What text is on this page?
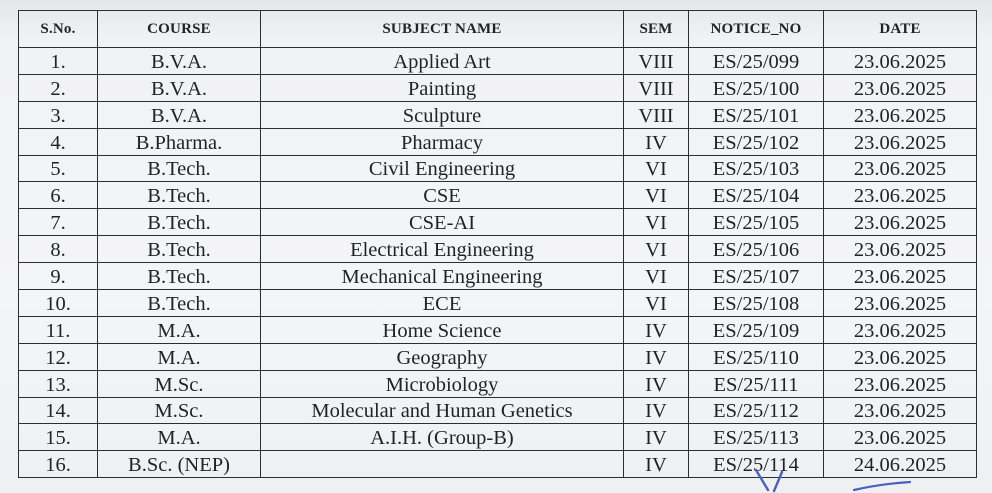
S.No.	COURSE	SUBJECT NAME	SEM	NOTICE_NO	DATE
1.	B.V.A.	Applied Art	VIII	ES/25/099	23.06.2025
2.	B.V.A.	Painting	VIII	ES/25/100	23.06.2025
3.	B.V.A.	Sculpture	VIII	ES/25/101	23.06.2025
4.	B.Pharma.	Pharmacy	IV	ES/25/102	23.06.2025
5.	B.Tech.	Civil Engineering	VI	ES/25/103	23.06.2025
6.	B.Tech.	CSE	VI	ES/25/104	23.06.2025
7.	B.Tech.	CSE-AI	VI	ES/25/105	23.06.2025
8.	B.Tech.	Electrical Engineering	VI	ES/25/106	23.06.2025
9.	B.Tech.	Mechanical Engineering	VI	ES/25/107	23.06.2025
10.	B.Tech.	ECE	VI	ES/25/108	23.06.2025
11.	M.A.	Home Science	IV	ES/25/109	23.06.2025
12.	M.A.	Geography	IV	ES/25/110	23.06.2025
13.	M.Sc.	Microbiology	IV	ES/25/111	23.06.2025
14.	M.Sc.	Molecular and Human Genetics	IV	ES/25/112	23.06.2025
15.	M.A.	A.I.H. (Group-B)	IV	ES/25/113	23.06.2025
16.	B.Sc. (NEP)		IV	ES/25/114	24.06.2025
